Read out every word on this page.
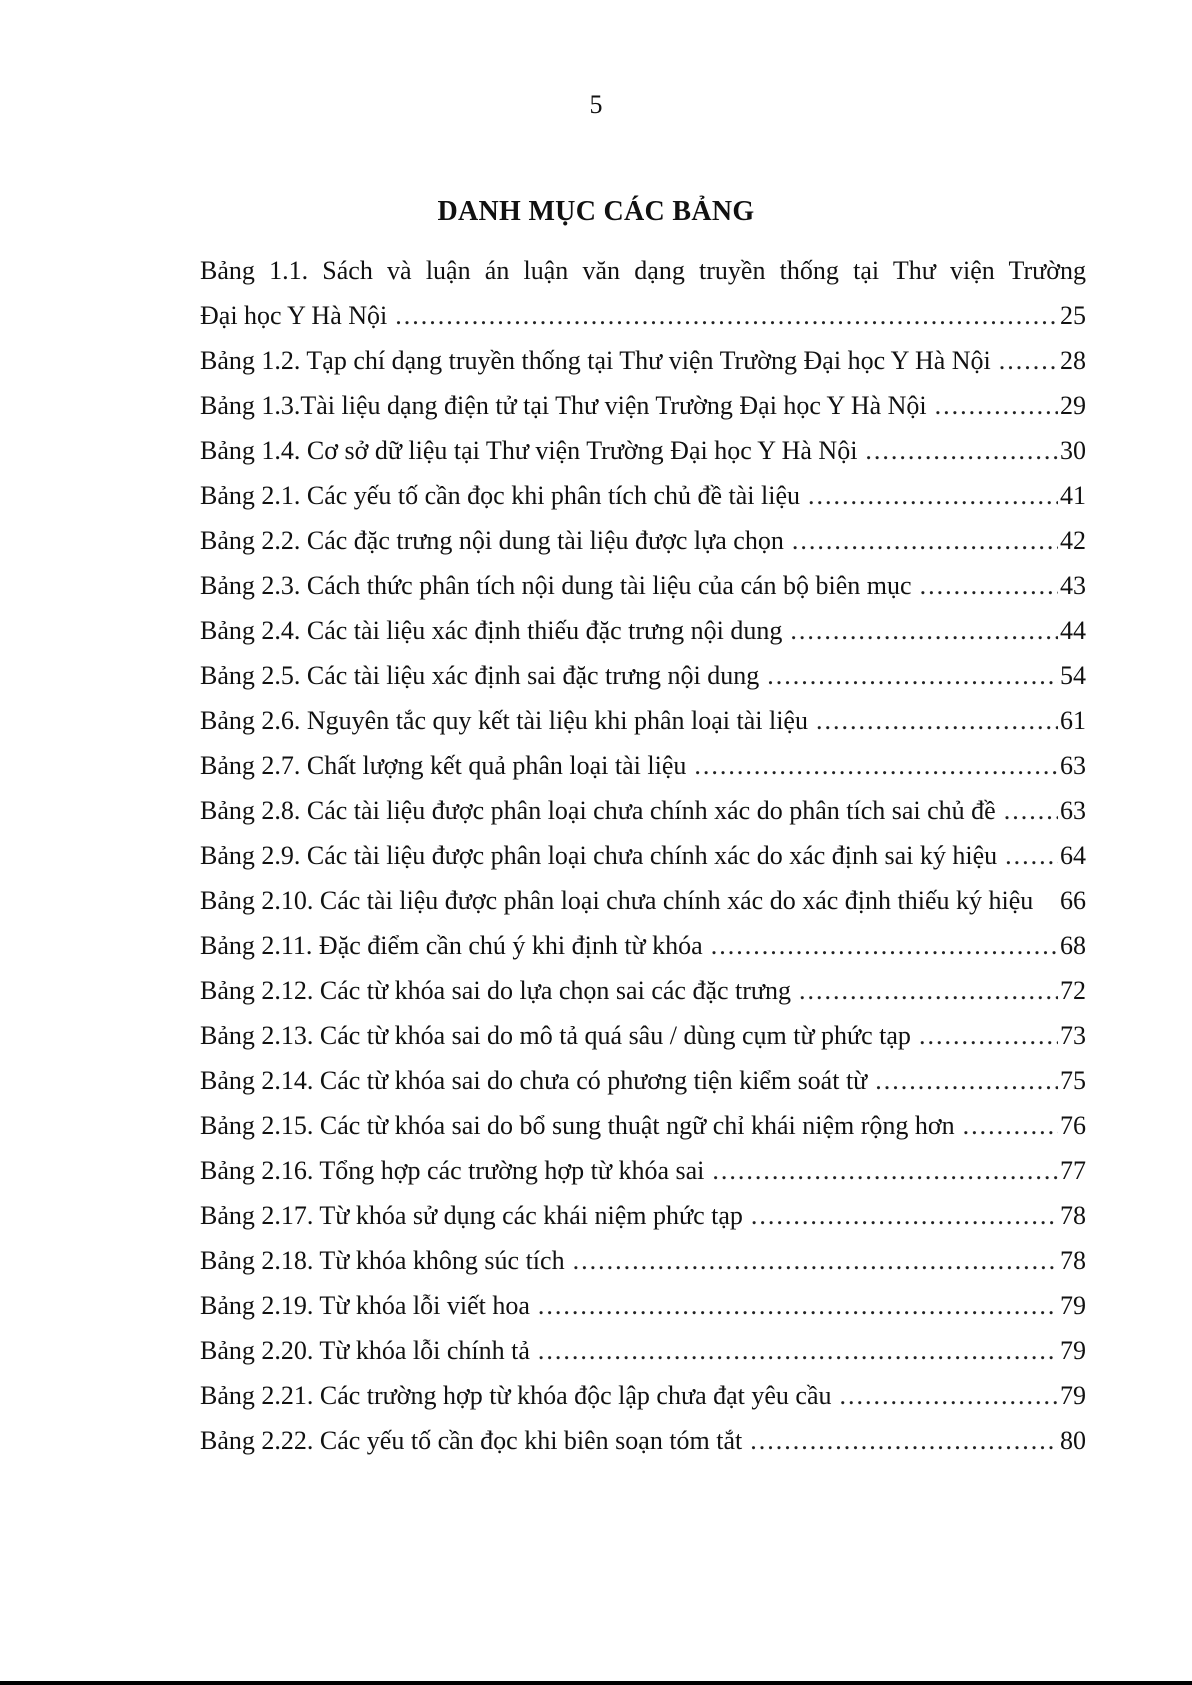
5
DANH MỤC CÁC BẢNG
Bảng 1.1. Sách và luận án luận văn dạng truyền thống tại Thư viện Trường
Đại học Y Hà Nội .....	25
Bảng 1.2. Tạp chí dạng truyền thống tại Thư viện Trường Đại học Y Hà Nội .....	28
Bảng 1.3.Tài liệu dạng điện tử tại Thư viện Trường Đại học Y Hà Nội .....	29
Bảng 1.4. Cơ sở dữ liệu tại Thư viện Trường Đại học Y Hà Nội .....	30
Bảng 2.1. Các yếu tố cần đọc khi phân tích chủ đề tài liệu .....	41
Bảng 2.2. Các đặc trưng nội dung tài liệu được lựa chọn .....	42
Bảng 2.3. Cách thức phân tích nội dung tài liệu của cán bộ biên mục .....	43
Bảng 2.4. Các tài liệu xác định thiếu đặc trưng nội dung .....	44
Bảng 2.5. Các tài liệu xác định sai đặc trưng nội dung .....	54
Bảng 2.6. Nguyên tắc quy kết tài liệu khi phân loại tài liệu .....	61
Bảng 2.7. Chất lượng kết quả phân loại tài liệu .....	63
Bảng 2.8. Các tài liệu được phân loại chưa chính xác do phân tích sai chủ đề ..... 63
Bảng 2.9. Các tài liệu được phân loại chưa chính xác do xác định sai ký hiệu ..... 64
Bảng 2.10. Các tài liệu được phân loại chưa chính xác do xác định thiếu ký hiệu 66
Bảng 2.11. Đặc điểm cần chú ý khi định từ khóa .....	68
Bảng 2.12. Các từ khóa sai do lựa chọn sai các đặc trưng .....	72
Bảng 2.13. Các từ khóa sai do mô tả quá sâu / dùng cụm từ phức tạp .....	73
Bảng 2.14. Các từ khóa sai do chưa có phương tiện kiểm soát từ .....	75
Bảng 2.15. Các từ khóa sai do bổ sung thuật ngữ chỉ khái niệm rộng hơn .....	76
Bảng 2.16. Tổng hợp các trường hợp từ khóa sai .....	77
Bảng 2.17. Từ khóa sử dụng các khái niệm phức tạp .....	78
Bảng 2.18. Từ khóa không súc tích .....	78
Bảng 2.19. Từ khóa lỗi viết hoa .....	79
Bảng 2.20. Từ khóa lỗi chính tả .....	79
Bảng 2.21. Các trường hợp từ khóa độc lập chưa đạt yêu cầu .....	79
Bảng 2.22. Các yếu tố cần đọc khi biên soạn tóm tắt .....	80
